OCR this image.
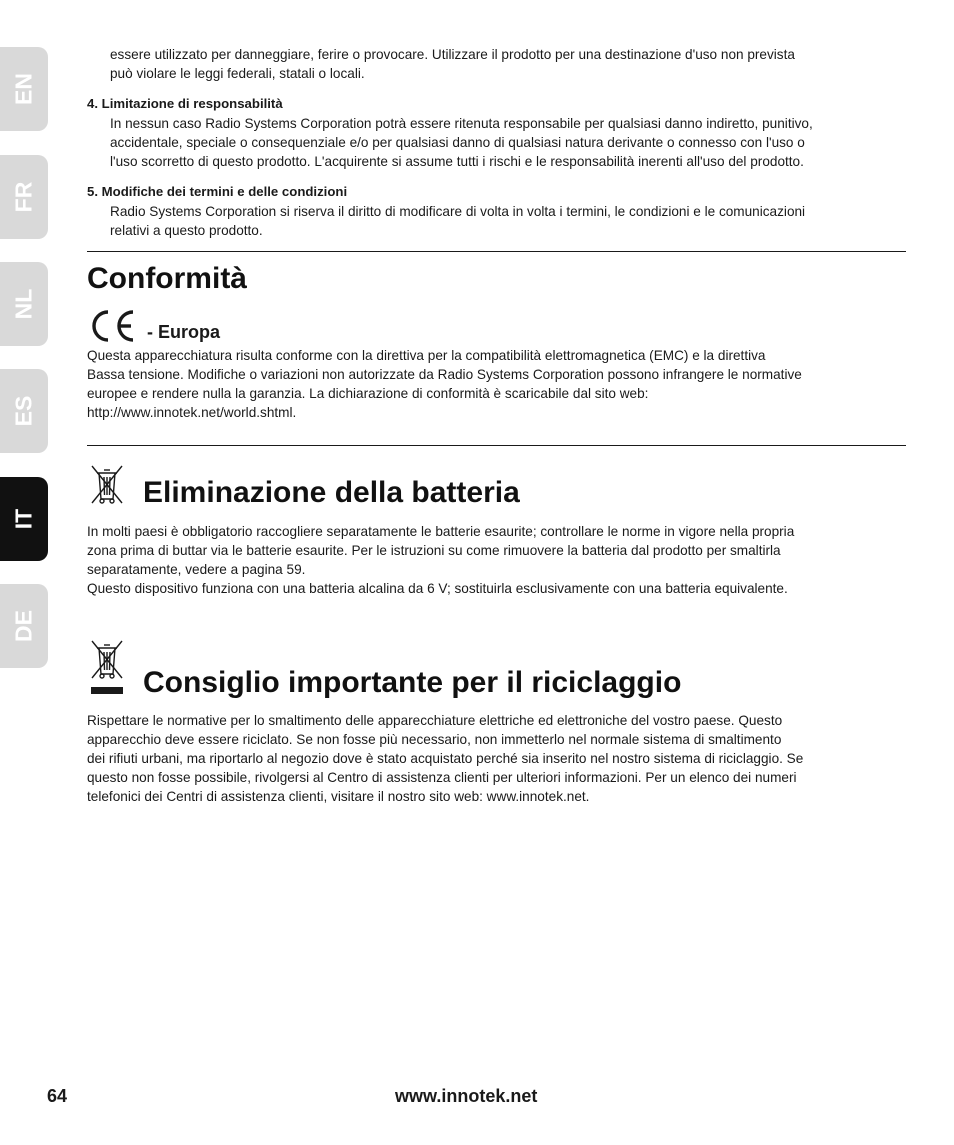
EN
FR
NL
ES
IT
DE

essere utilizzato per danneggiare, ferire o provocare. Utilizzare il prodotto per una destinazione d'uso non prevista
può violare le leggi federali, statali o locali.

4. Limitazione di responsabilità

In nessun caso Radio Systems Corporation potrà essere ritenuta responsabile per qualsiasi danno indiretto, punitivo,
accidentale, speciale o consequenziale e/o per qualsiasi danno di qualsiasi natura derivante o connesso con l'uso o
l'uso scorretto di questo prodotto. L'acquirente si assume tutti i rischi e le responsabilità inerenti all'uso del prodotto.

5. Modifiche dei termini e delle condizioni

Radio Systems Corporation si riserva il diritto di modificare di volta in volta i termini, le condizioni e le comunicazioni
relativi a questo prodotto.

Conformità
- Europa

Questa apparecchiatura risulta conforme con la direttiva per la compatibilità elettromagnetica (EMC) e la direttiva
Bassa tensione. Modifiche o variazioni non autorizzate da Radio Systems Corporation possono infrangere le normative
europee e rendere nulla la garanzia. La dichiarazione di conformità è scaricabile dal sito web:
http://www.innotek.net/world.shtml.

Eliminazione della batteria

In molti paesi è obbligatorio raccogliere separatamente le batterie esaurite; controllare le norme in vigore nella propria
zona prima di buttar via le batterie esaurite. Per le istruzioni su come rimuovere la batteria dal prodotto per smaltirla
separatamente, vedere a pagina 59.
Questo dispositivo funziona con una batteria alcalina da 6 V; sostituirla esclusivamente con una batteria equivalente.

Consiglio importante per il riciclaggio

Rispettare le normative per lo smaltimento delle apparecchiature elettriche ed elettroniche del vostro paese. Questo
apparecchio deve essere riciclato. Se non fosse più necessario, non immetterlo nel normale sistema di smaltimento
dei rifiuti urbani, ma riportarlo al negozio dove è stato acquistato perché sia inserito nel nostro sistema di riciclaggio. Se
questo non fosse possibile, rivolgersi al Centro di assistenza clienti per ulteriori informazioni. Per un elenco dei numeri
telefonici dei Centri di assistenza clienti, visitare il nostro sito web: www.innotek.net.

64	www.innotek.net
